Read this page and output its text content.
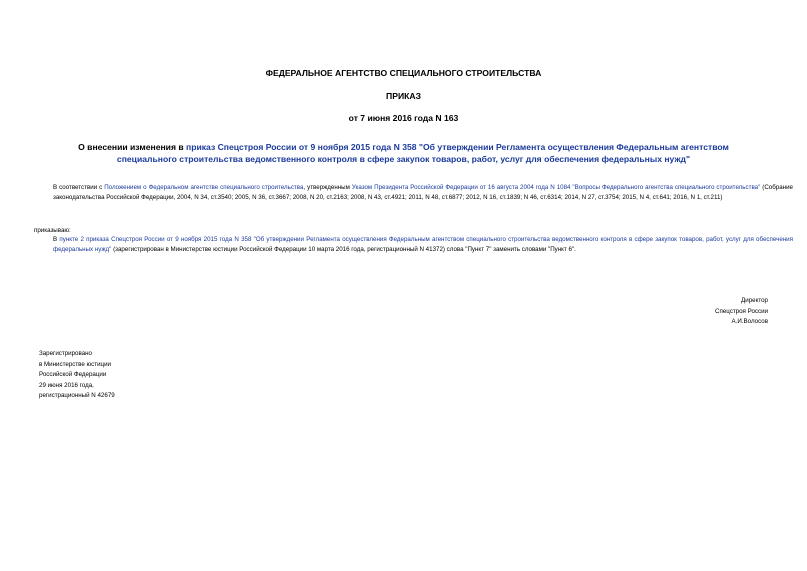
ФЕДЕРАЛЬНОЕ АГЕНТСТВО СПЕЦИАЛЬНОГО СТРОИТЕЛЬСТВА
ПРИКАЗ
от 7 июня 2016 года N 163
О внесении изменения в приказ Спецстроя России от 9 ноября 2015 года N 358 "Об утверждении Регламента осуществления Федеральным агентством специального строительства ведомственного контроля в сфере закупок товаров, работ, услуг для обеспечения федеральных нужд"
В соответствии с Положением о Федеральном агентстве специального строительства, утвержденным Указом Президента Российской Федерации от 16 августа 2004 года N 1084 "Вопросы Федерального агентства специального строительства" (Собрание законодательства Российской Федерации, 2004, N 34, ст.3540; 2005, N 36, ст.3667; 2008, N 20, ст.2163; 2008, N 43, ст.4921; 2011, N 48, ст.6877; 2012, N 16, ст.1839; N 46, ст.6314; 2014, N 27, ст.3754; 2015, N 4, ст.641; 2016, N 1, ст.211)
приказываю:
В пункте 2 приказа Спецстроя России от 9 ноября 2015 года N 358 "Об утверждении Регламента осуществления Федеральным агентством специального строительства ведомственного контроля в сфере закупок товаров, работ, услуг для обеспечения федеральных нужд" (зарегистрирован в Министерстве юстиции Российской Федерации 10 марта 2016 года, регистрационный N 41372) слова "Пункт 7" заменить словами "Пункт 6".
Директор
Спецстроя России
А.И.Волосов
Зарегистрировано
в Министерстве юстиции
Российской Федерации
29 июня 2016 года,
регистрационный N 42679
